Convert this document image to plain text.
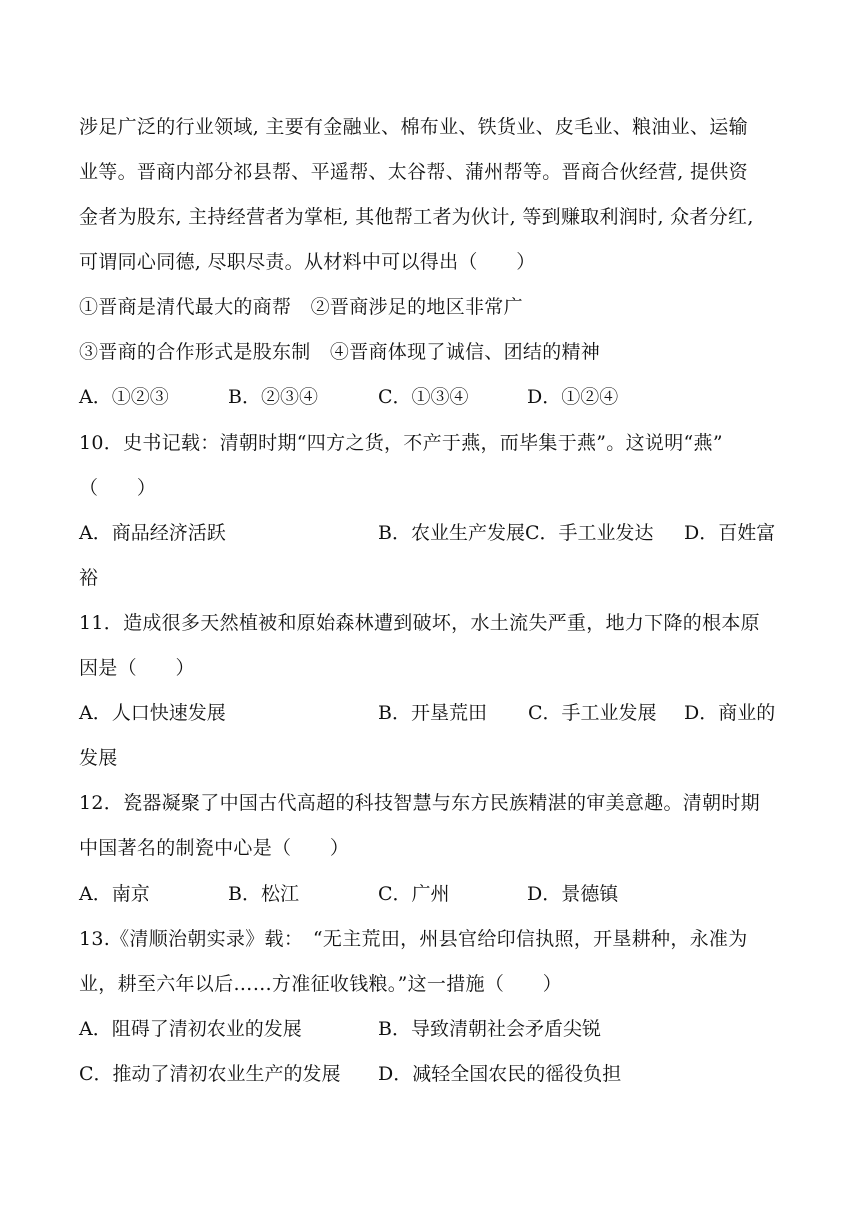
涉足广泛的行业领域, 主要有金融业、棉布业、铁货业、皮毛业、粮油业、运输
业等。晋商内部分祁县帮、平遥帮、太谷帮、蒲州帮等。晋商合伙经营, 提供资
金者为股东, 主持经营者为掌柜, 其他帮工者为伙计, 等到赚取利润时, 众者分红,
可谓同心同德, 尽职尽责。从材料中可以得出（　　）
①晋商是清代最大的商帮　②晋商涉足的地区非常广
③晋商的合作形式是股东制　④晋商体现了诚信、团结的精神
A．①②③	B．②③④	C．①③④	D．①②④
10．史书记载：清朝时期“四方之货，不产于燕，而毕集于燕”。这说明“燕”
（　　）
A．商品经济活跃	B．农业生产发展C．手工业发达 D．百姓富
裕
11．造成很多天然植被和原始森林遭到破坏，水土流失严重，地力下降的根本原
因是（　　）
A．人口快速发展	B．开垦荒田 C．手工业发展 D．商业的
发展
12．瓷器凝聚了中国古代高超的科技智慧与东方民族精湛的审美意趣。清朝时期
中国著名的制瓷中心是（　　）
A．南京	B．松江	C．广州	D．景德镇
13.《清顺治朝实录》载：　“无主荒田，州县官给印信执照，开垦耕种，永准为
业，耕至六年以后……方准征收钱粮。”这一措施（　　）
A．阻碍了清初农业的发展	B．导致清朝社会矛盾尖锐
C．推动了清初农业生产的发展 D．减轻全国农民的徭役负担
